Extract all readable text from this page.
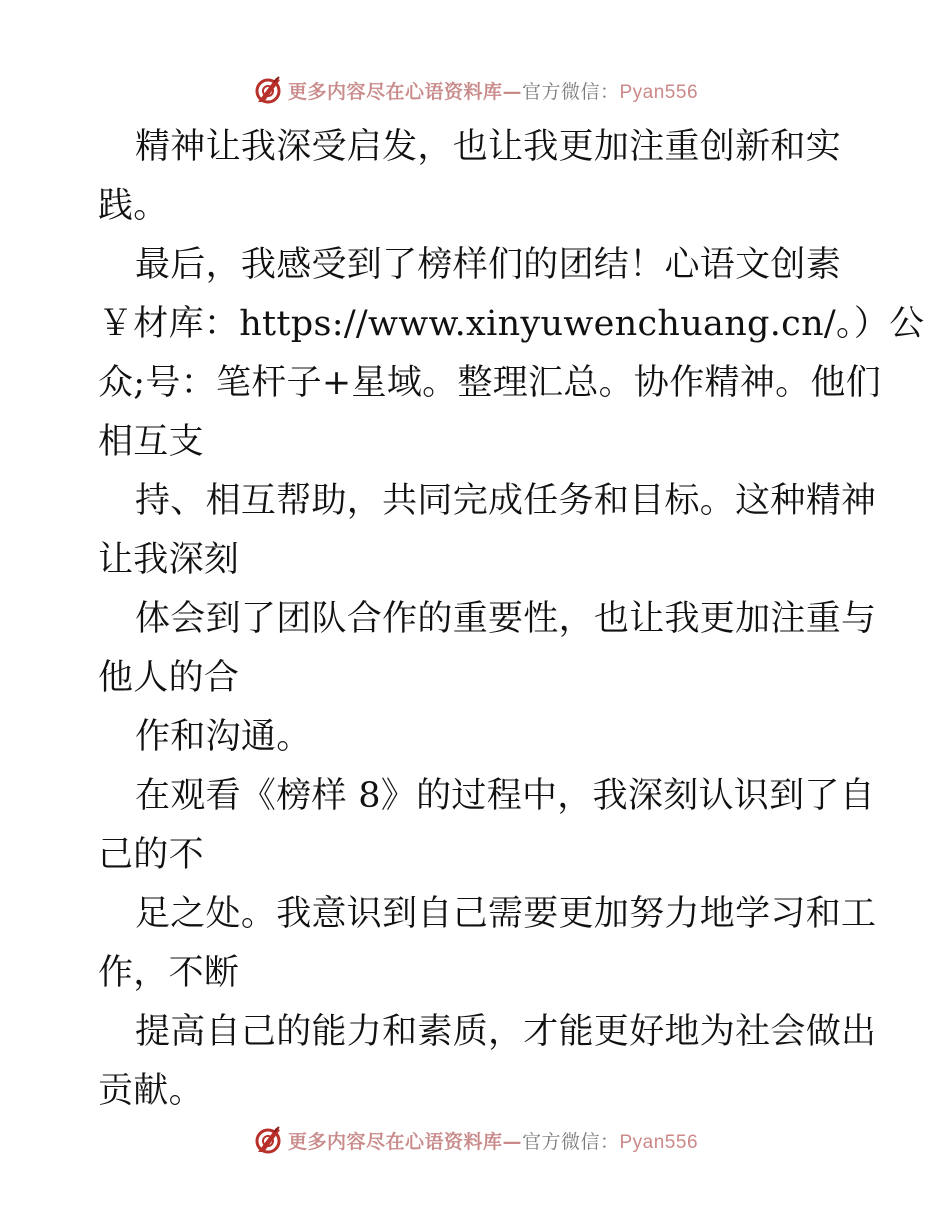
更多内容尽在心语资料库—官方微信：Pyan556
精神让我深受启发，也让我更加注重创新和实
践。
最后，我感受到了榜样们的团结！心语文创素
￥材库：https://www.xinyuwenchuang.cn/。）公
众;号：笔杆子+星域。整理汇总。协作精神。他们
相互支
持、相互帮助，共同完成任务和目标。这种精神
让我深刻
体会到了团队合作的重要性，也让我更加注重与
他人的合
作和沟通。
在观看《榜样 8》的过程中，我深刻认识到了自
己的不
足之处。我意识到自己需要更加努力地学习和工
作，不断
提高自己的能力和素质，才能更好地为社会做出
贡献。
更多内容尽在心语资料库—官方微信：Pyan556
